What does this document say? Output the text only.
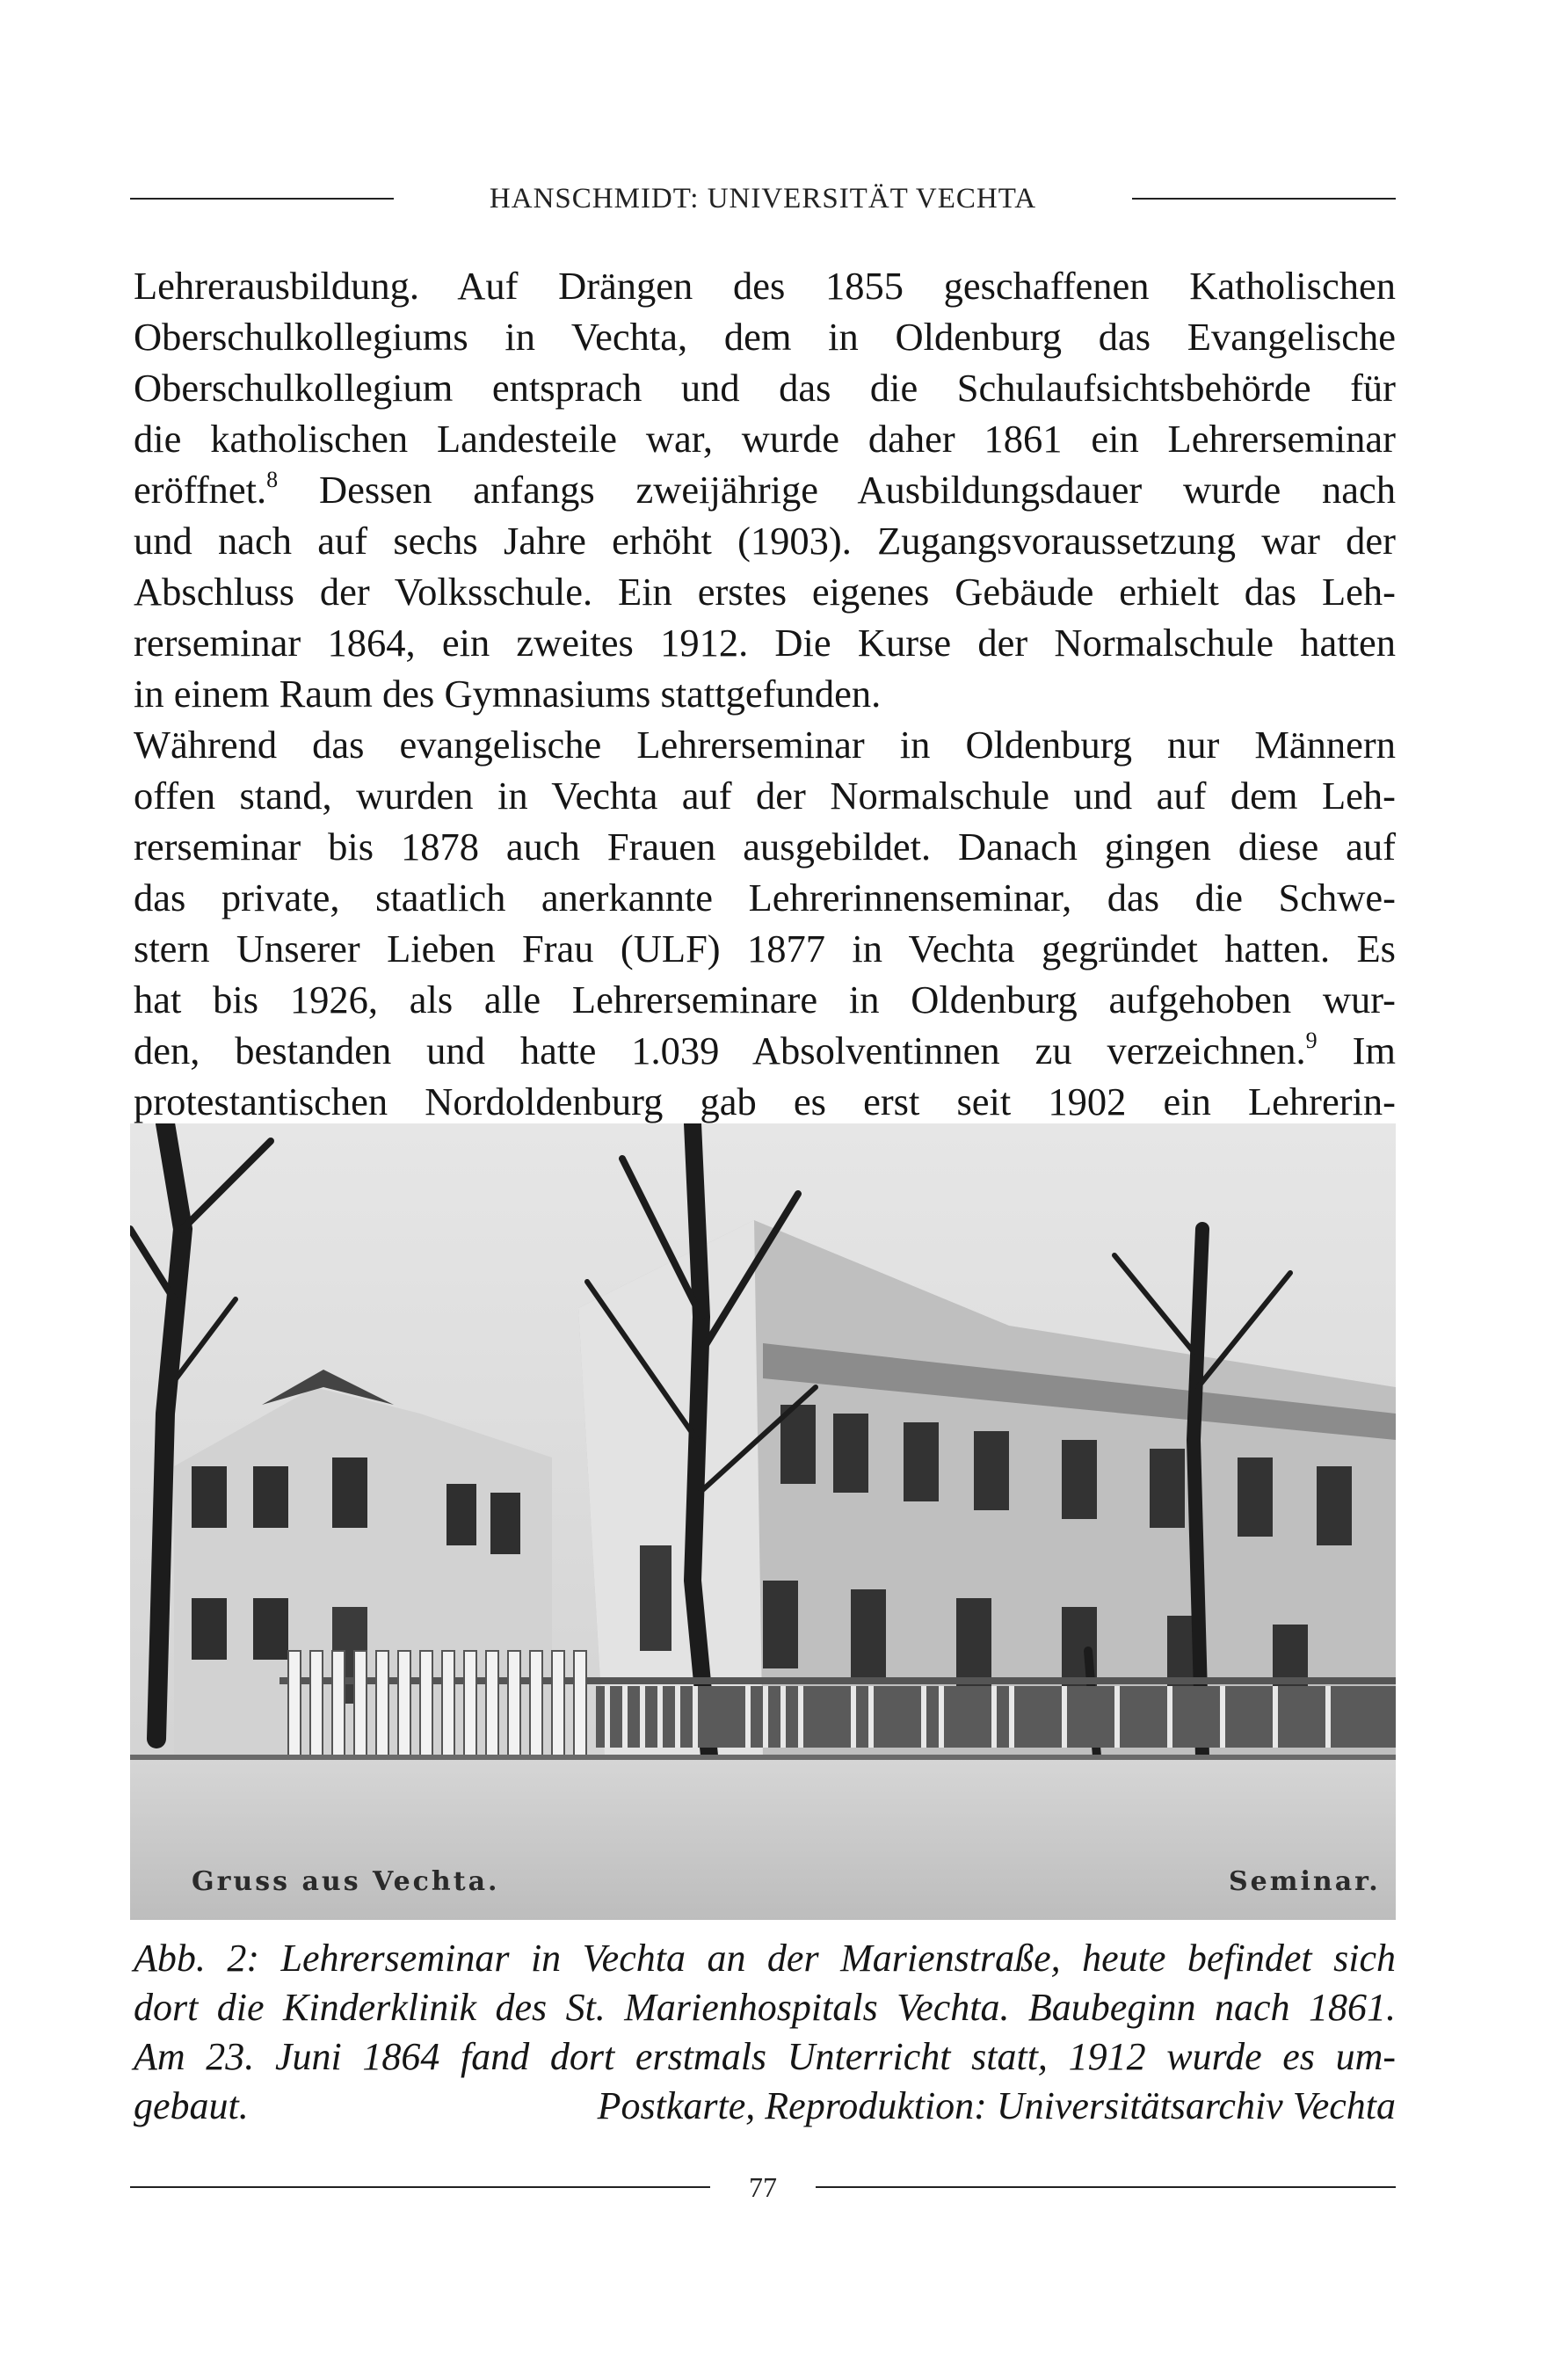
HANSCHMIDT: UNIVERSITÄT VECHTA
Lehrerausbildung. Auf Drängen des 1855 geschaffenen Katholischen
Oberschulkollegiums in Vechta, dem in Oldenburg das Evangelische
Oberschulkollegium entsprach und das die Schulaufsichtsbehörde für
die katholischen Landesteile war, wurde daher 1861 ein Lehrerseminar
eröffnet.$^8$ Dessen anfangs zweijährige Ausbildungsdauer wurde nach
und nach auf sechs Jahre erhöht (1903). Zugangsvoraussetzung war der
Abschluss der Volksschule. Ein erstes eigenes Gebäude erhielt das Leh-
rerseminar 1864, ein zweites 1912. Die Kurse der Normalschule hatten
in einem Raum des Gymnasiums stattgefunden.
Während das evangelische Lehrerseminar in Oldenburg nur Männern
offen stand, wurden in Vechta auf der Normalschule und auf dem Leh-
rerseminar bis 1878 auch Frauen ausgebildet. Danach gingen diese auf
das private, staatlich anerkannte Lehrerinnenseminar, das die Schwe-
stern Unserer Lieben Frau (ULF) 1877 in Vechta gegründet hatten. Es
hat bis 1926, als alle Lehrerseminare in Oldenburg aufgehoben wur-
den, bestanden und hatte 1.039 Absolventinnen zu verzeichnen.$^9$ Im
protestantischen Nordoldenburg gab es erst seit 1902 ein Lehrerin-
Gruss aus Vechta.	Seminar.
Abb. 2: Lehrerseminar in Vechta an der Marienstraße, heute befindet sich
dort die Kinderklinik des St. Marienhospitals Vechta. Baubeginn nach 1861.
Am 23. Juni 1864 fand dort erstmals Unterricht statt, 1912 wurde es um-
gebaut.	Postkarte, Reproduktion: Universitätsarchiv Vechta
77
